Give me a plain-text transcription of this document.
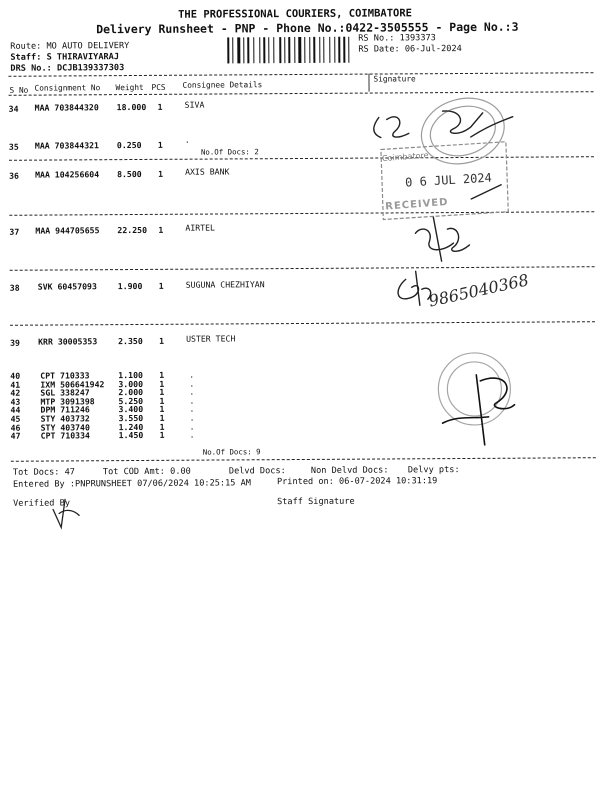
THE PROFESSIONAL COURIERS, COIMBATORE
Delivery Runsheet - PNP - Phone No.:0422-3505555 - Page No.:3
Route: MO AUTO DELIVERY
Staff: S THIRAVIYARAJ
DRS No.: DCJB139337303
RS No.: 1393373
RS Date: 06-Jul-2024
S No Consignment No Weight PCS Consignee Details
Signature
34 MAA 703844320 18.000 1	SIVA
35 MAA 703844321 0.250 1
.
No.Of Docs: 2
36 MAA 104256604 8.500 1	AXIS BANK
37 MAA 944705655 22.250 1	AIRTEL
38 SVK 60457093	1.900 1	SUGUNA CHEZHIYAN
39 KRR 30005353	2.350 1	USTER TECH
40 CPT 710333	1.100 1	.
41 IXM 506641942 3.000 1	.
42 SGL 338247	2.000 1	.
43 MTP 3091398	5.250 1	.
44 DPM 711246	3.400 1	.
45 STY 403732	3.550 1	.
46 STY 403740	1.240 1	.
47 CPT 710334	1.450 1	.
No.Of Docs: 9
Tot Docs: 47	Tot COD Amt: 0.00	Delvd Docs:	Non Delvd Docs: Delvy pts:
Entered By :PNPRUNSHEET 07/06/2024 10:25:15 AM	Printed on: 06-07-2024 10:31:19
Verified By	Staff Signature
Coimbatore
0 6 JUL 2024
RECEIVED
9865040368
